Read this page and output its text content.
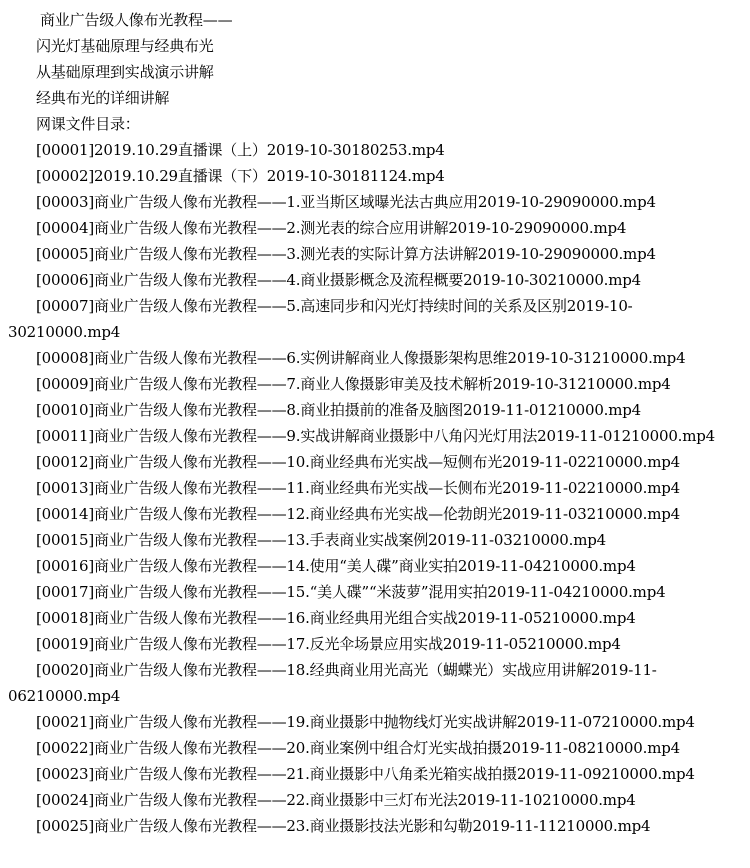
商业广告级人像布光教程——
闪光灯基础原理与经典布光
从基础原理到实战演示讲解
经典布光的详细讲解
网课文件目录：
[00001]2019.10.29直播课（上）2019-10-30180253.mp4
[00002]2019.10.29直播课（下）2019-10-30181124.mp4
[00003]商业广告级人像布光教程——1.亚当斯区域曝光法古典应用2019-10-29090000.mp4
[00004]商业广告级人像布光教程——2.测光表的综合应用讲解2019-10-29090000.mp4
[00005]商业广告级人像布光教程——3.测光表的实际计算方法讲解2019-10-29090000.mp4
[00006]商业广告级人像布光教程——4.商业摄影概念及流程概要2019-10-30210000.mp4
[00007]商业广告级人像布光教程——5.高速同步和闪光灯持续时间的关系及区别2019-10-
30210000.mp4
[00008]商业广告级人像布光教程——6.实例讲解商业人像摄影架构思维2019-10-31210000.mp4
[00009]商业广告级人像布光教程——7.商业人像摄影审美及技术解析2019-10-31210000.mp4
[00010]商业广告级人像布光教程——8.商业拍摄前的准备及脑图2019-11-01210000.mp4
[00011]商业广告级人像布光教程——9.实战讲解商业摄影中八角闪光灯用法2019-11-01210000.mp4
[00012]商业广告级人像布光教程——10.商业经典布光实战—短侧布光2019-11-02210000.mp4
[00013]商业广告级人像布光教程——11.商业经典布光实战—长侧布光2019-11-02210000.mp4
[00014]商业广告级人像布光教程——12.商业经典布光实战—伦勃朗光2019-11-03210000.mp4
[00015]商业广告级人像布光教程——13.手表商业实战案例2019-11-03210000.mp4
[00016]商业广告级人像布光教程——14.使用“美人碟”商业实拍2019-11-04210000.mp4
[00017]商业广告级人像布光教程——15.“美人碟”“米菠萝”混用实拍2019-11-04210000.mp4
[00018]商业广告级人像布光教程——16.商业经典用光组合实战2019-11-05210000.mp4
[00019]商业广告级人像布光教程——17.反光伞场景应用实战2019-11-05210000.mp4
[00020]商业广告级人像布光教程——18.经典商业用光高光（蝴蝶光）实战应用讲解2019-11-
06210000.mp4
[00021]商业广告级人像布光教程——19.商业摄影中抛物线灯光实战讲解2019-11-07210000.mp4
[00022]商业广告级人像布光教程——20.商业案例中组合灯光实战拍摄2019-11-08210000.mp4
[00023]商业广告级人像布光教程——21.商业摄影中八角柔光箱实战拍摄2019-11-09210000.mp4
[00024]商业广告级人像布光教程——22.商业摄影中三灯布光法2019-11-10210000.mp4
[00025]商业广告级人像布光教程——23.商业摄影技法光影和勾勒2019-11-11210000.mp4
